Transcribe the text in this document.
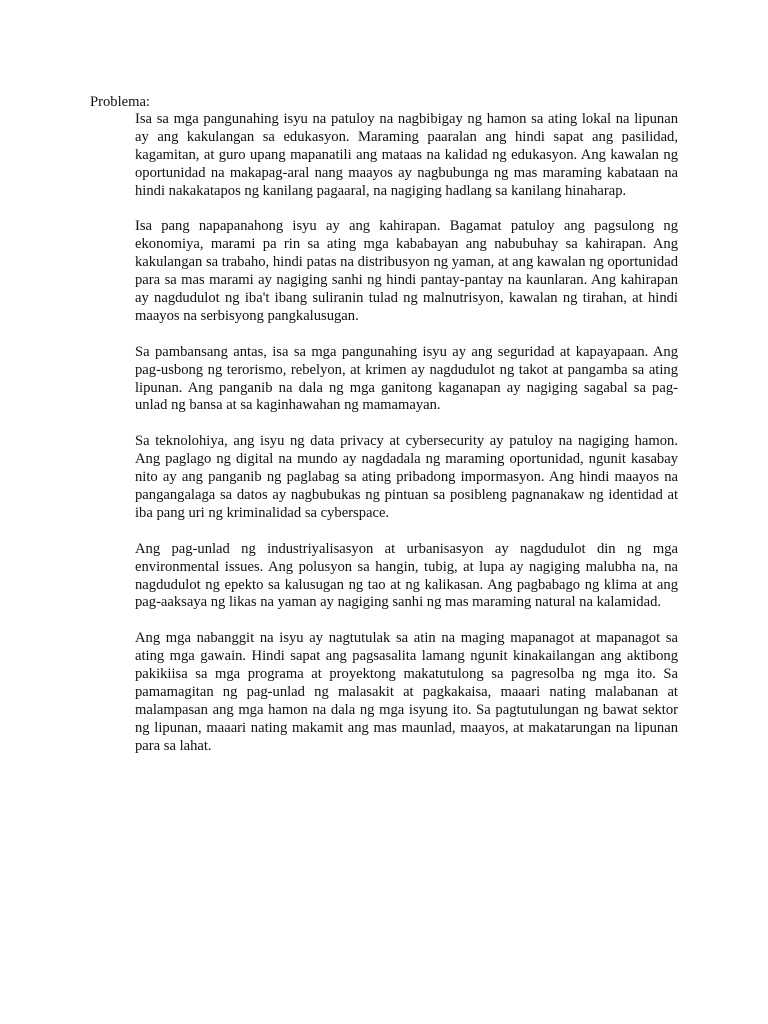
Problema:

Isa sa mga pangunahing isyu na patuloy na nagbibigay ng hamon sa ating lokal na lipunan ay ang kakulangan sa edukasyon. Maraming paaralan ang hindi sapat ang pasilidad, kagamitan, at guro upang mapanatili ang mataas na kalidad ng edukasyon. Ang kawalan ng oportunidad na makapag-aral nang maayos ay nagbubunga ng mas maraming kabataan na hindi nakakatapos ng kanilang pagaaral, na nagiging hadlang sa kanilang hinaharap.

Isa pang napapanahong isyu ay ang kahirapan. Bagamat patuloy ang pagsulong ng ekonomiya, marami pa rin sa ating mga kababayan ang nabubuhay sa kahirapan. Ang kakulangan sa trabaho, hindi patas na distribusyon ng yaman, at ang kawalan ng oportunidad para sa mas marami ay nagiging sanhi ng hindi pantay-pantay na kaunlaran. Ang kahirapan ay nagdudulot ng iba't ibang suliranin tulad ng malnutrisyon, kawalan ng tirahan, at hindi maayos na serbisyong pangkalusugan.

Sa pambansang antas, isa sa mga pangunahing isyu ay ang seguridad at kapayapaan. Ang pag-usbong ng terorismo, rebelyon, at krimen ay nagdudulot ng takot at pangamba sa ating lipunan. Ang panganib na dala ng mga ganitong kaganapan ay nagiging sagabal sa pag-unlad ng bansa at sa kaginhawahan ng mamamayan.

Sa teknolohiya, ang isyu ng data privacy at cybersecurity ay patuloy na nagiging hamon. Ang paglago ng digital na mundo ay nagdadala ng maraming oportunidad, ngunit kasabay nito ay ang panganib ng paglabag sa ating pribadong impormasyon. Ang hindi maayos na pangangalaga sa datos ay nagbubukas ng pintuan sa posibleng pagnanakaw ng identidad at iba pang uri ng kriminalidad sa cyberspace.

Ang pag-unlad ng industriyalisasyon at urbanisasyon ay nagdudulot din ng mga environmental issues. Ang polusyon sa hangin, tubig, at lupa ay nagiging malubha na, na nagdudulot ng epekto sa kalusugan ng tao at ng kalikasan. Ang pagbabago ng klima at ang pag-aaksaya ng likas na yaman ay nagiging sanhi ng mas maraming natural na kalamidad.

Ang mga nabanggit na isyu ay nagtutulak sa atin na maging mapanagot at mapanagot sa ating mga gawain. Hindi sapat ang pagsasalita lamang ngunit kinakailangan ang aktibong pakikiisa sa mga programa at proyektong makatutulong sa pagresolba ng mga ito. Sa pamamagitan ng pag-unlad ng malasakit at pagkakaisa, maaari nating malabanan at malampasan ang mga hamon na dala ng mga isyung ito. Sa pagtutulungan ng bawat sektor ng lipunan, maaari nating makamit ang mas maunlad, maayos, at makatarungan na lipunan para sa lahat.
